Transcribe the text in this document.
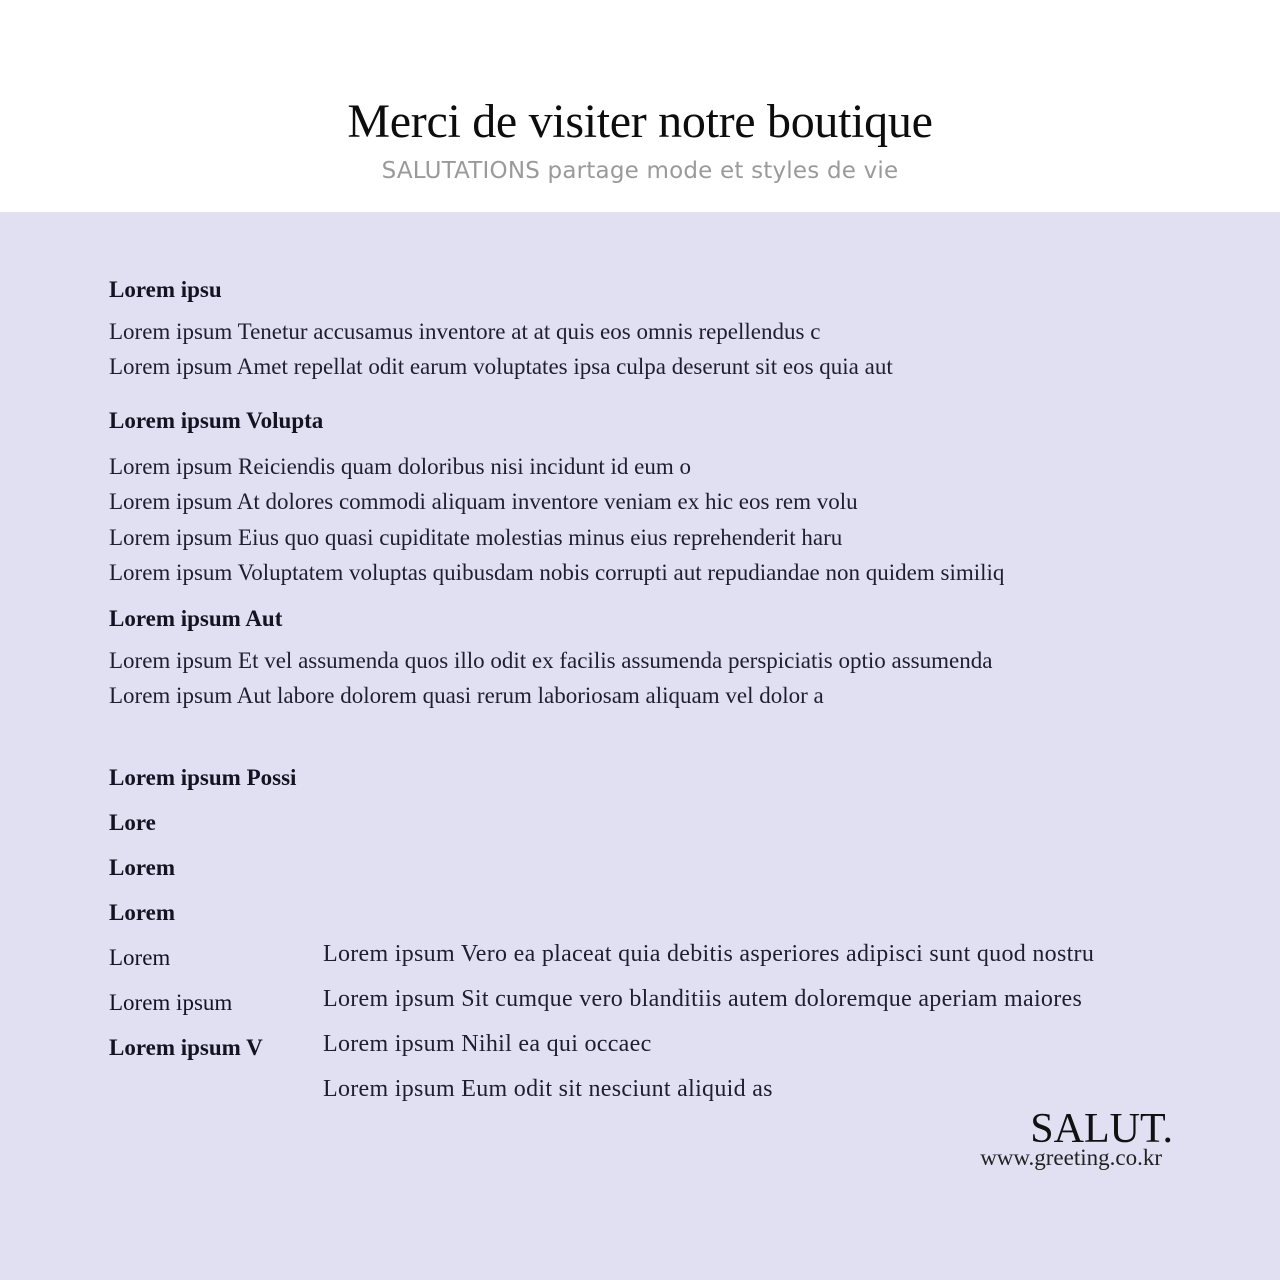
Merci de visiter notre boutique
SALUTATIONS partage mode et styles de vie
Lorem ipsu
Lorem ipsum Tenetur accusamus inventore at at quis eos omnis repellendus c
Lorem ipsum Amet repellat odit earum voluptates ipsa culpa deserunt sit eos quia aut
Lorem ipsum Volupta
Lorem ipsum Reiciendis quam doloribus nisi incidunt id eum o
Lorem ipsum At dolores commodi aliquam inventore veniam ex hic eos rem volu
Lorem ipsum Eius quo quasi cupiditate molestias minus eius reprehenderit haru
Lorem ipsum Voluptatem voluptas quibusdam nobis corrupti aut repudiandae non quidem similiq
Lorem ipsum Aut
Lorem ipsum Et vel assumenda quos illo odit ex facilis assumenda perspiciatis optio assumenda
Lorem ipsum Aut labore dolorem quasi rerum laboriosam aliquam vel dolor a
Lorem ipsum Possi
Lore
Lorem
Lorem
Lorem
Lorem ipsum
Lorem ipsum V
Lorem ipsum Vero ea placeat quia debitis asperiores adipisci sunt quod nostru
Lorem ipsum Sit cumque vero blanditiis autem doloremque aperiam maiores
Lorem ipsum Nihil ea qui occaec
Lorem ipsum Eum odit sit nesciunt aliquid as
SALUT.
www.greeting.co.kr
